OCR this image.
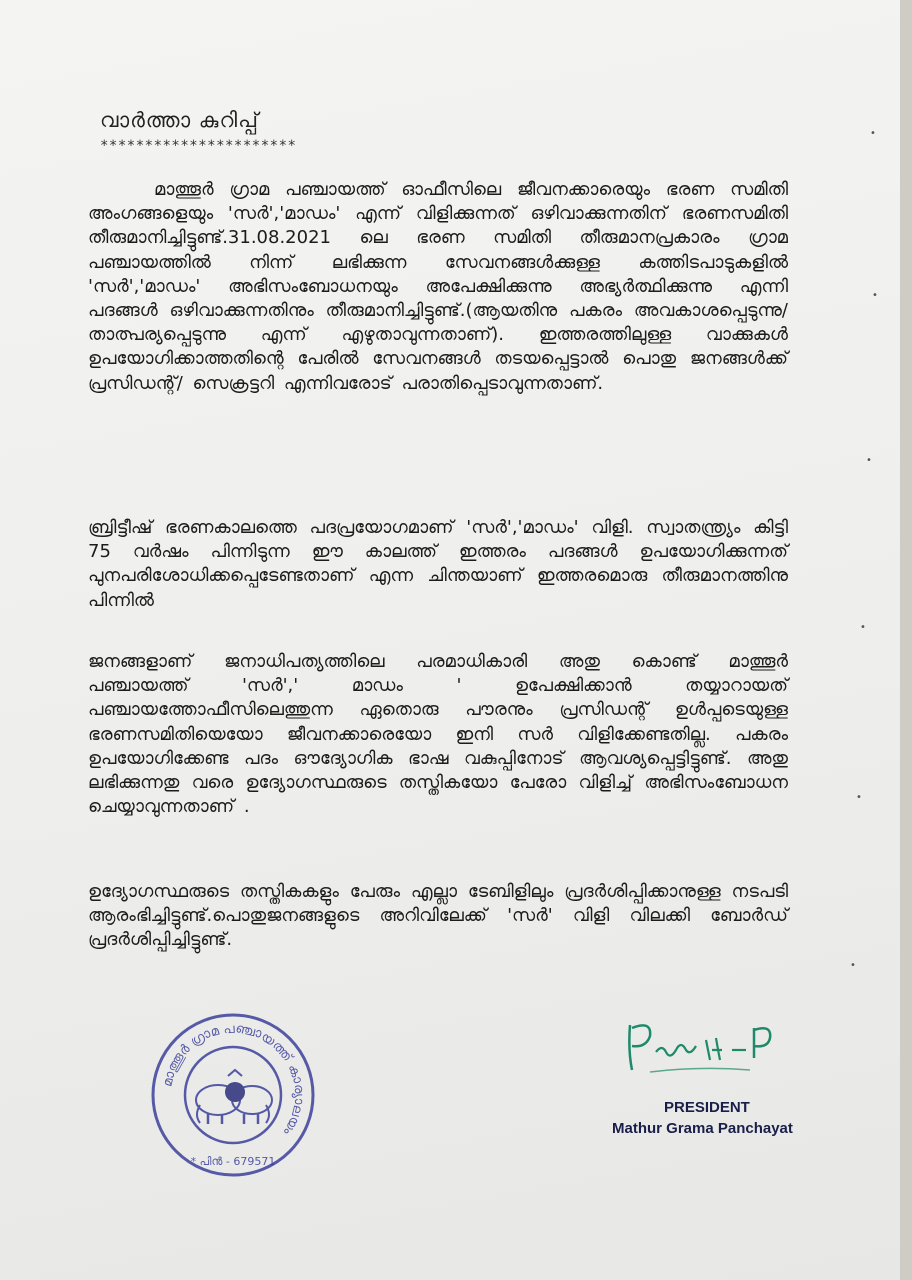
വാർത്താ കുറിപ്പ്
**********************
മാത്തൂർ ഗ്രാമ പഞ്ചായത്ത് ഓഫീസിലെ ജീവനക്കാരെയും ഭരണ സമിതി അംഗങ്ങളെയും 'സർ','മാഡം' എന്ന് വിളിക്കുന്നത് ഒഴിവാക്കുന്നതിന് ഭരണസമിതി തീരുമാനിച്ചിട്ടുണ്ട്.31.08.2021 ലെ ഭരണ സമിതി തീരുമാനപ്രകാരം ഗ്രാമ പഞ്ചായത്തിൽ നിന്ന് ലഭിക്കുന്ന സേവനങ്ങൾക്കുള്ള കത്തിടപാടുകളിൽ 'സർ','മാഡം' അഭിസംബോധനയും അപേക്ഷിക്കുന്നു അഭ്യർത്ഥിക്കുന്നു എന്നി പദങ്ങൾ ഒഴിവാക്കുന്നതിനും തീരുമാനിച്ചിട്ടുണ്ട്.(ആയതിനു പകരം അവകാശപ്പെടുന്നു/താത്പര്യപ്പെടുന്നു എന്ന് എഴുതാവുന്നതാണ്). ഇത്തരത്തിലുള്ള വാക്കുകൾ ഉപയോഗിക്കാത്തതിന്റെ പേരിൽ സേവനങ്ങൾ തടയപ്പെട്ടാൽ പൊതു ജനങ്ങൾക്ക് പ്രസിഡന്റ്/ സെക്രട്ടറി എന്നിവരോട് പരാതിപ്പെടാവുന്നതാണ്.
ബ്രിട്ടീഷ് ഭരണകാലത്തെ പദപ്രയോഗമാണ് 'സർ','മാഡം' വിളി. സ്വാതന്ത്ര്യം കിട്ടി 75 വർഷം പിന്നിടുന്ന ഈ കാലത്ത് ഇത്തരം പദങ്ങൾ ഉപയോഗിക്കുന്നത് പുനപരിശോധിക്കപ്പെടേണ്ടതാണ് എന്ന ചിന്തയാണ് ഇത്തരമൊരു തീരുമാനത്തിനു പിന്നിൽ
ജനങ്ങളാണ് ജനാധിപത്യത്തിലെ പരമാധികാരി അതു കൊണ്ട് മാത്തൂർ പഞ്ചായത്ത് 'സർ',' മാഡം ' ഉപേക്ഷിക്കാൻ തയ്യാറായത് പഞ്ചായത്തോഫീസിലെത്തുന്ന ഏതൊരു പൗരനും പ്രസിഡന്റ് ഉൾപ്പടെയുള്ള ഭരണസമിതിയെയോ ജീവനക്കാരെയോ ഇനി സർ വിളിക്കേണ്ടതില്ല. പകരം ഉപയോഗിക്കേണ്ട പദം ഔദ്യോഗിക ഭാഷ വകുപ്പിനോട് ആവശ്യപ്പെട്ടിട്ടുണ്ട്. അതു ലഭിക്കുന്നതു വരെ ഉദ്യോഗസ്ഥരുടെ തസ്തികയോ പേരോ വിളിച്ച് അഭിസംബോധന ചെയ്യാവുന്നതാണ് .
ഉദ്യോഗസ്ഥരുടെ തസ്തികകളും പേരും എല്ലാ ടേബിളിലും പ്രദർശിപ്പിക്കാനുള്ള നടപടി ആരംഭിച്ചിട്ടുണ്ട്.പൊതുജനങ്ങളുടെ അറിവിലേക്ക് 'സർ' വിളി വിലക്കി ബോർഡ് പ്രദർശിപ്പിച്ചിട്ടുണ്ട്.
മാത്തൂർ ഗ്രാമ പഞ്ചായത്ത് കാര്യാലയം
* പിൻ - 679571
PRESIDENT
Mathur Grama Panchayat
•
•
•
•
•
•
